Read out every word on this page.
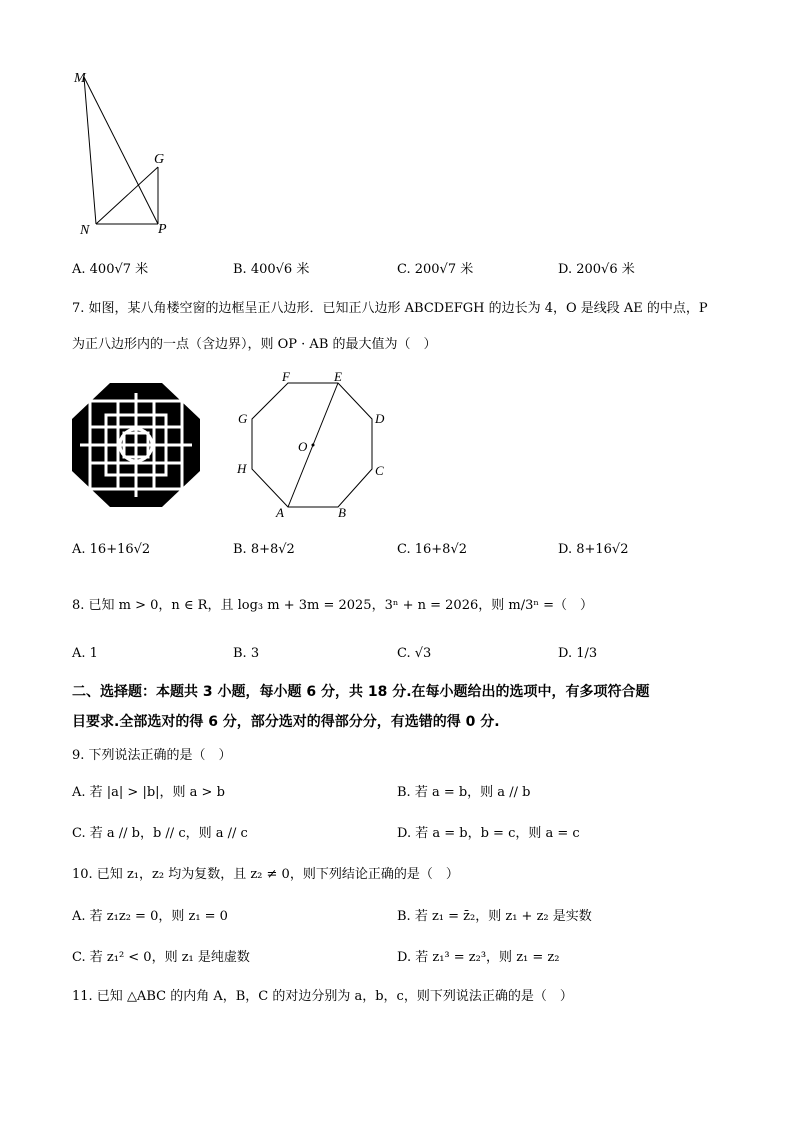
M
G
N	P
A. 400√7 米	B. 400√6 米	C. 200√7 米	D. 200√6 米
7. 如图，某八角楼空窗的边框呈正八边形．已知正八边形 ABCDEFGH 的边长为 4，O 是线段 AE 的中点，P
为正八边形内的一点（含边界），则 OP · AB 的最大值为（　）
F	E
G	D
O
H	C
A	B
A. 16+16√2	B. 8+8√2	C. 16+8√2	D. 8+16√2
8. 已知 m > 0，n ∈ R，且 log₃ m + 3m = 2025，3ⁿ + n = 2026，则 m/3ⁿ =（　）
A. 1	B. 3	C. √3	D. 1/3
二、选择题：本题共 3 小题，每小题 6 分，共 18 分.在每小题给出的选项中，有多项符合题
目要求.全部选对的得 6 分，部分选对的得部分分，有选错的得 0 分.
9. 下列说法正确的是（　）
A. 若 |a| > |b|，则 a > b	B. 若 a = b，则 a // b
C. 若 a // b，b // c，则 a // c	D. 若 a = b，b = c，则 a = c
10. 已知 z₁，z₂ 均为复数，且 z₂ ≠ 0，则下列结论正确的是（　）
A. 若 z₁z₂ = 0，则 z₁ = 0	B. 若 z₁ = z̄₂，则 z₁ + z₂ 是实数
C. 若 z₁² < 0，则 z₁ 是纯虚数	D. 若 z₁³ = z₂³，则 z₁ = z₂
11. 已知 △ABC 的内角 A，B，C 的对边分别为 a，b，c，则下列说法正确的是（　）
